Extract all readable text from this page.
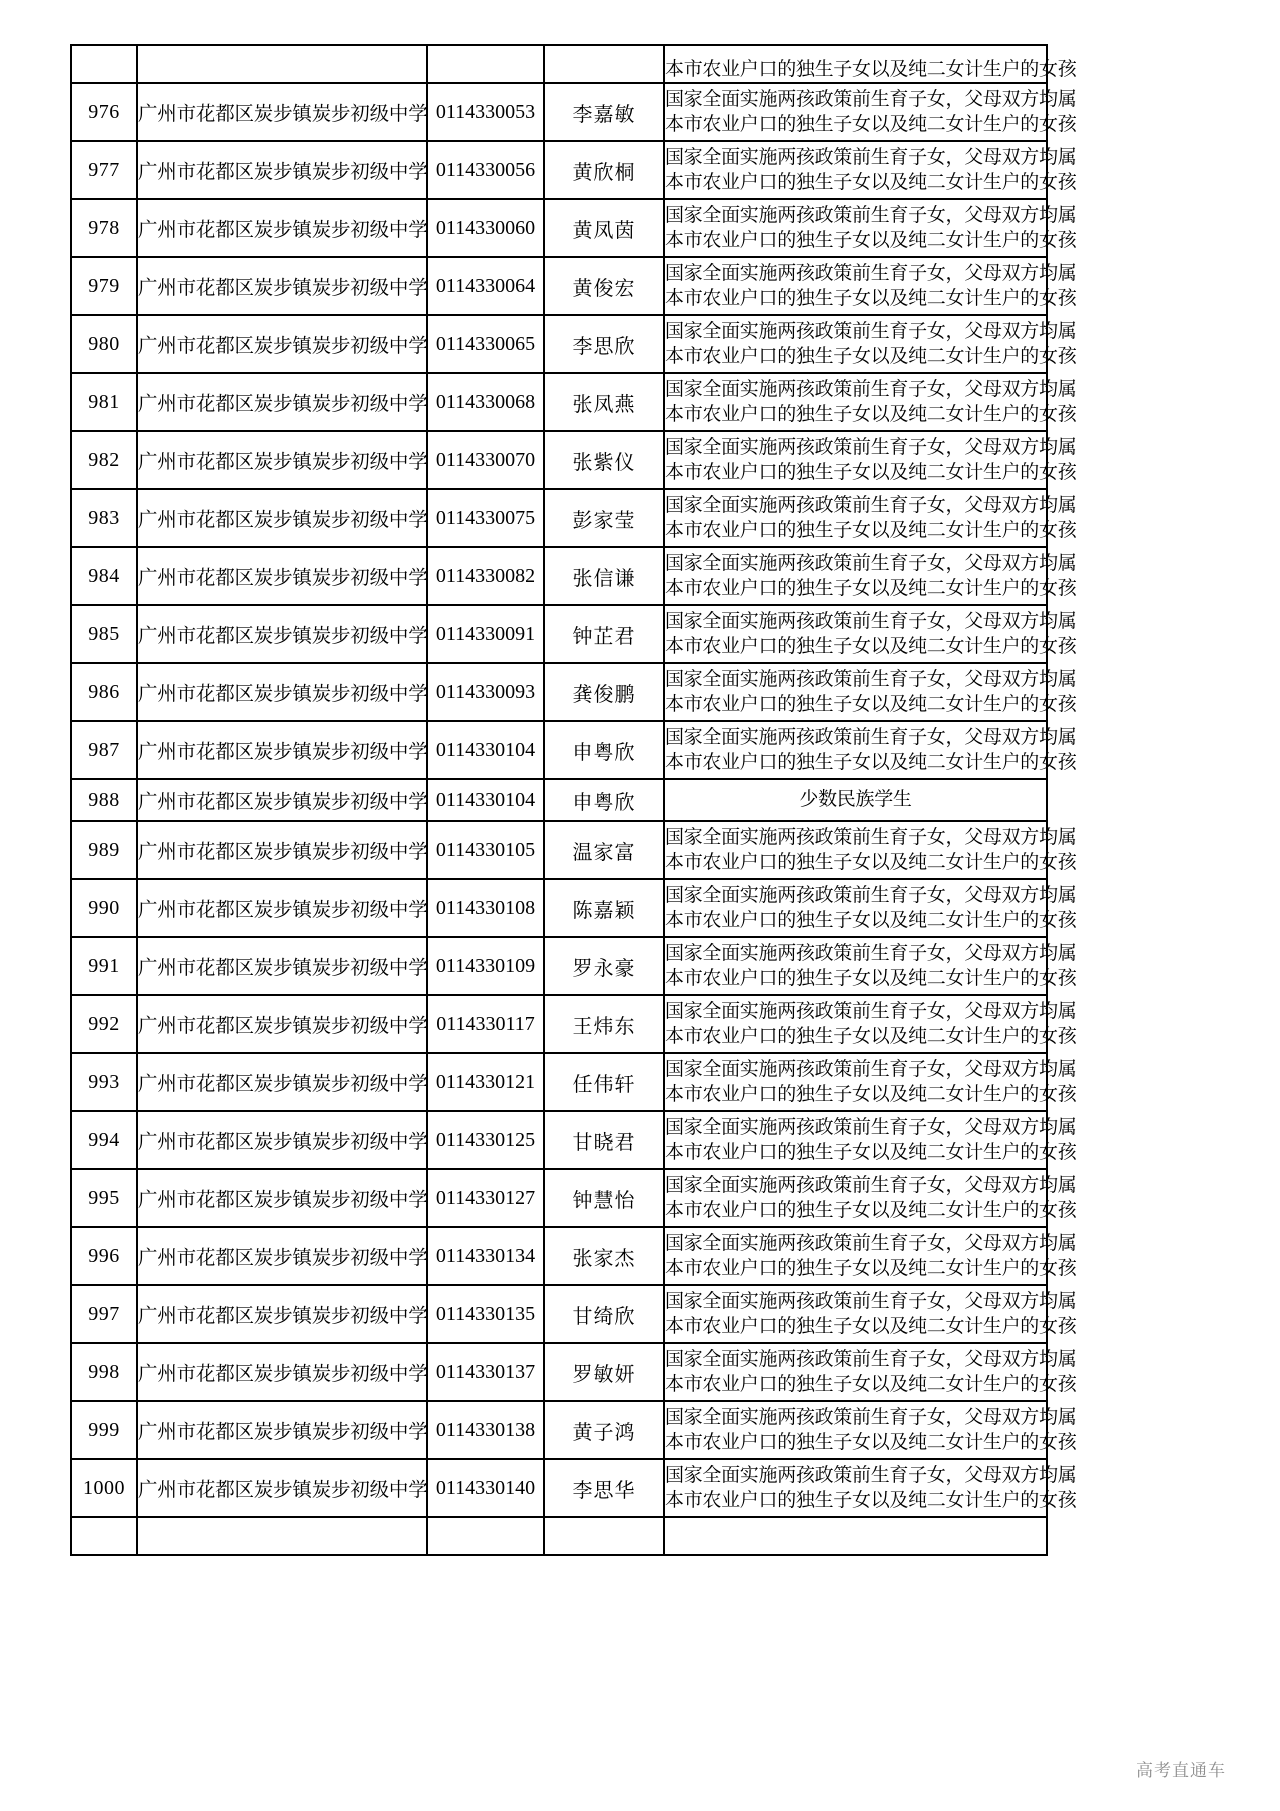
				本市农业户口的独生子女以及纯二女计生户的女孩

976	广州市花都区炭步镇炭步初级中学	0114330053	李嘉敏	国家全面实施两孩政策前生育子女，父母双方均属
本市农业户口的独生子女以及纯二女计生户的女孩

977	广州市花都区炭步镇炭步初级中学	0114330056	黄欣桐	国家全面实施两孩政策前生育子女，父母双方均属
本市农业户口的独生子女以及纯二女计生户的女孩

978	广州市花都区炭步镇炭步初级中学	0114330060	黄凤茵	国家全面实施两孩政策前生育子女，父母双方均属
本市农业户口的独生子女以及纯二女计生户的女孩

979	广州市花都区炭步镇炭步初级中学	0114330064	黄俊宏	国家全面实施两孩政策前生育子女，父母双方均属
本市农业户口的独生子女以及纯二女计生户的女孩

980	广州市花都区炭步镇炭步初级中学	0114330065	李思欣	国家全面实施两孩政策前生育子女，父母双方均属
本市农业户口的独生子女以及纯二女计生户的女孩

981	广州市花都区炭步镇炭步初级中学	0114330068	张凤燕	国家全面实施两孩政策前生育子女，父母双方均属
本市农业户口的独生子女以及纯二女计生户的女孩

982	广州市花都区炭步镇炭步初级中学	0114330070	张紫仪	国家全面实施两孩政策前生育子女，父母双方均属
本市农业户口的独生子女以及纯二女计生户的女孩

983	广州市花都区炭步镇炭步初级中学	0114330075	彭家莹	国家全面实施两孩政策前生育子女，父母双方均属
本市农业户口的独生子女以及纯二女计生户的女孩

984	广州市花都区炭步镇炭步初级中学	0114330082	张信谦	国家全面实施两孩政策前生育子女，父母双方均属
本市农业户口的独生子女以及纯二女计生户的女孩

985	广州市花都区炭步镇炭步初级中学	0114330091	钟芷君	国家全面实施两孩政策前生育子女，父母双方均属
本市农业户口的独生子女以及纯二女计生户的女孩

986	广州市花都区炭步镇炭步初级中学	0114330093	龚俊鹏	国家全面实施两孩政策前生育子女，父母双方均属
本市农业户口的独生子女以及纯二女计生户的女孩

987	广州市花都区炭步镇炭步初级中学	0114330104	申粤欣	国家全面实施两孩政策前生育子女，父母双方均属
本市农业户口的独生子女以及纯二女计生户的女孩

988	广州市花都区炭步镇炭步初级中学	0114330104	申粤欣	少数民族学生

989	广州市花都区炭步镇炭步初级中学	0114330105	温家富	国家全面实施两孩政策前生育子女，父母双方均属
本市农业户口的独生子女以及纯二女计生户的女孩

990	广州市花都区炭步镇炭步初级中学	0114330108	陈嘉颖	国家全面实施两孩政策前生育子女，父母双方均属
本市农业户口的独生子女以及纯二女计生户的女孩

991	广州市花都区炭步镇炭步初级中学	0114330109	罗永豪	国家全面实施两孩政策前生育子女，父母双方均属
本市农业户口的独生子女以及纯二女计生户的女孩

992	广州市花都区炭步镇炭步初级中学	0114330117	王炜东	国家全面实施两孩政策前生育子女，父母双方均属
本市农业户口的独生子女以及纯二女计生户的女孩

993	广州市花都区炭步镇炭步初级中学	0114330121	任伟轩	国家全面实施两孩政策前生育子女，父母双方均属
本市农业户口的独生子女以及纯二女计生户的女孩

994	广州市花都区炭步镇炭步初级中学	0114330125	甘晓君	国家全面实施两孩政策前生育子女，父母双方均属
本市农业户口的独生子女以及纯二女计生户的女孩

995	广州市花都区炭步镇炭步初级中学	0114330127	钟慧怡	国家全面实施两孩政策前生育子女，父母双方均属
本市农业户口的独生子女以及纯二女计生户的女孩

996	广州市花都区炭步镇炭步初级中学	0114330134	张家杰	国家全面实施两孩政策前生育子女，父母双方均属
本市农业户口的独生子女以及纯二女计生户的女孩

997	广州市花都区炭步镇炭步初级中学	0114330135	甘绮欣	国家全面实施两孩政策前生育子女，父母双方均属
本市农业户口的独生子女以及纯二女计生户的女孩

998	广州市花都区炭步镇炭步初级中学	0114330137	罗敏妍	国家全面实施两孩政策前生育子女，父母双方均属
本市农业户口的独生子女以及纯二女计生户的女孩

999	广州市花都区炭步镇炭步初级中学	0114330138	黄子鸿	国家全面实施两孩政策前生育子女，父母双方均属
本市农业户口的独生子女以及纯二女计生户的女孩

1000	广州市花都区炭步镇炭步初级中学	0114330140	李思华	国家全面实施两孩政策前生育子女，父母双方均属
本市农业户口的独生子女以及纯二女计生户的女孩

高考直通车
